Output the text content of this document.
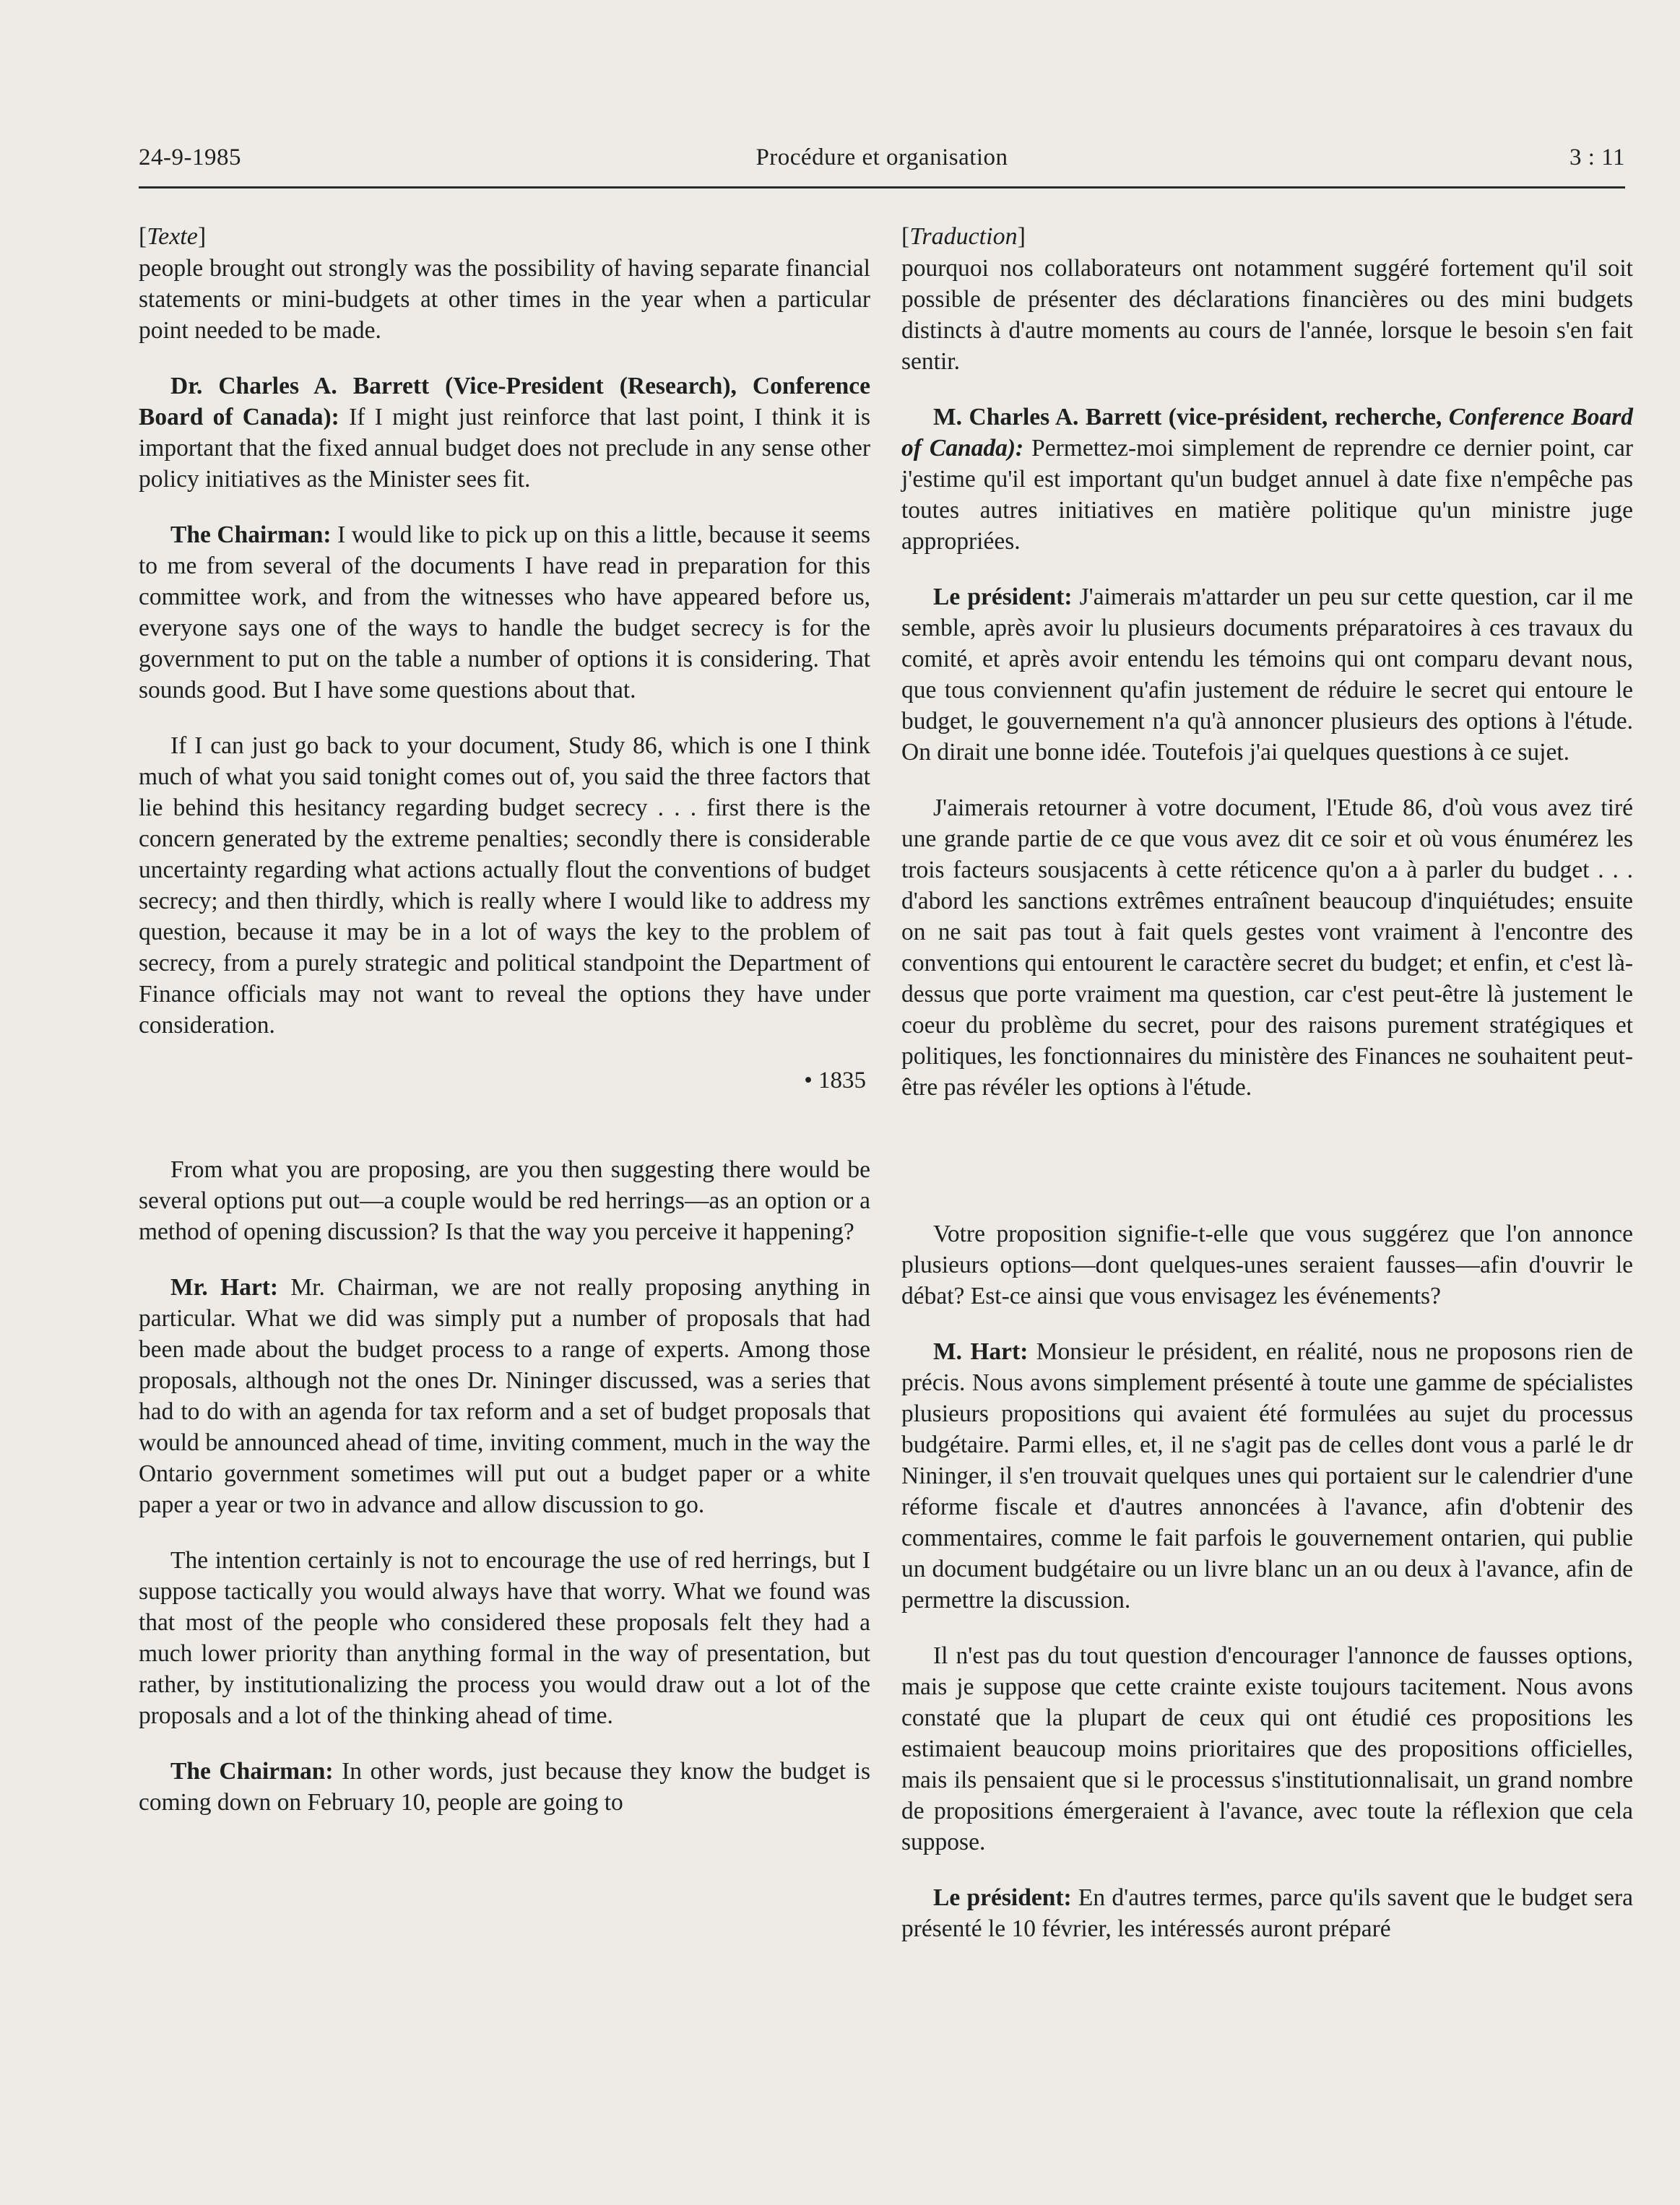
24-9-1985	Procédure et organisation	3 : 11

[ Texte ]

people brought out strongly was the possibility of having separate financial statements or mini-budgets at other times in the year when a particular point needed to be made.

Dr. Charles A. Barrett (Vice-President (Research), Conference Board of Canada): If I might just reinforce that last point, I think it is important that the fixed annual budget does not preclude in any sense other policy initiatives as the Minister sees fit.

The Chairman: I would like to pick up on this a little, because it seems to me from several of the documents I have read in preparation for this committee work, and from the witnesses who have appeared before us, everyone says one of the ways to handle the budget secrecy is for the government to put on the table a number of options it is considering. That sounds good. But I have some questions about that.

If I can just go back to your document, Study 86, which is one I think much of what you said tonight comes out of, you said the three factors that lie behind this hesitancy regarding budget secrecy . . . first there is the concern generated by the extreme penalties; secondly there is considerable uncertainty regarding what actions actually flout the conventions of budget secrecy; and then thirdly, which is really where I would like to address my question, because it may be in a lot of ways the key to the problem of secrecy, from a purely strategic and political standpoint the Department of Finance officials may not want to reveal the options they have under consideration.

• 1835

From what you are proposing, are you then suggesting there would be several options put out—a couple would be red herrings—as an option or a method of opening discussion? Is that the way you perceive it happening?

Mr. Hart: Mr. Chairman, we are not really proposing anything in particular. What we did was simply put a number of proposals that had been made about the budget process to a range of experts. Among those proposals, although not the ones Dr. Nininger discussed, was a series that had to do with an agenda for tax reform and a set of budget proposals that would be announced ahead of time, inviting comment, much in the way the Ontario government sometimes will put out a budget paper or a white paper a year or two in advance and allow discussion to go.

The intention certainly is not to encourage the use of red herrings, but I suppose tactically you would always have that worry. What we found was that most of the people who considered these proposals felt they had a much lower priority than anything formal in the way of presentation, but rather, by institutionalizing the process you would draw out a lot of the proposals and a lot of the thinking ahead of time.

The Chairman: In other words, just because they know the budget is coming down on February 10, people are going to

[ Traduction ]

pourquoi nos collaborateurs ont notamment suggéré fortement qu'il soit possible de présenter des déclarations financières ou des mini budgets distincts à d'autre moments au cours de l'année, lorsque le besoin s'en fait sentir.

M. Charles A. Barrett (vice-président, recherche, Conference Board of Canada): Permettez-moi simplement de reprendre ce dernier point, car j'estime qu'il est important qu'un budget annuel à date fixe n'empêche pas toutes autres initiatives en matière politique qu'un ministre juge appropriées.

Le président: J'aimerais m'attarder un peu sur cette question, car il me semble, après avoir lu plusieurs documents préparatoires à ces travaux du comité, et après avoir entendu les témoins qui ont comparu devant nous, que tous conviennent qu'afin justement de réduire le secret qui entoure le budget, le gouvernement n'a qu'à annoncer plusieurs des options à l'étude. On dirait une bonne idée. Toutefois j'ai quelques questions à ce sujet.

J'aimerais retourner à votre document, l'Etude 86, d'où vous avez tiré une grande partie de ce que vous avez dit ce soir et où vous énumérez les trois facteurs sousjacents à cette réticence qu'on a à parler du budget . . . d'abord les sanctions extrêmes entraînent beaucoup d'inquiétudes; ensuite on ne sait pas tout à fait quels gestes vont vraiment à l'encontre des conventions qui entourent le caractère secret du budget; et enfin, et c'est là-dessus que porte vraiment ma question, car c'est peut-être là justement le coeur du problème du secret, pour des raisons purement stratégiques et politiques, les fonctionnaires du ministère des Finances ne souhaitent peut-être pas révéler les options à l'étude.

Votre proposition signifie-t-elle que vous suggérez que l'on annonce plusieurs options—dont quelques-unes seraient fausses—afin d'ouvrir le débat? Est-ce ainsi que vous envisagez les événements?

M. Hart: Monsieur le président, en réalité, nous ne proposons rien de précis. Nous avons simplement présenté à toute une gamme de spécialistes plusieurs propositions qui avaient été formulées au sujet du processus budgétaire. Parmi elles, et, il ne s'agit pas de celles dont vous a parlé le dr Nininger, il s'en trouvait quelques unes qui portaient sur le calendrier d'une réforme fiscale et d'autres annoncées à l'avance, afin d'obtenir des commentaires, comme le fait parfois le gouvernement ontarien, qui publie un document budgétaire ou un livre blanc un an ou deux à l'avance, afin de permettre la discussion.

Il n'est pas du tout question d'encourager l'annonce de fausses options, mais je suppose que cette crainte existe toujours tacitement. Nous avons constaté que la plupart de ceux qui ont étudié ces propositions les estimaient beaucoup moins prioritaires que des propositions officielles, mais ils pensaient que si le processus s'institutionnalisait, un grand nombre de propositions émergeraient à l'avance, avec toute la réflexion que cela suppose.

Le président: En d'autres termes, parce qu'ils savent que le budget sera présenté le 10 février, les intéressés auront préparé
